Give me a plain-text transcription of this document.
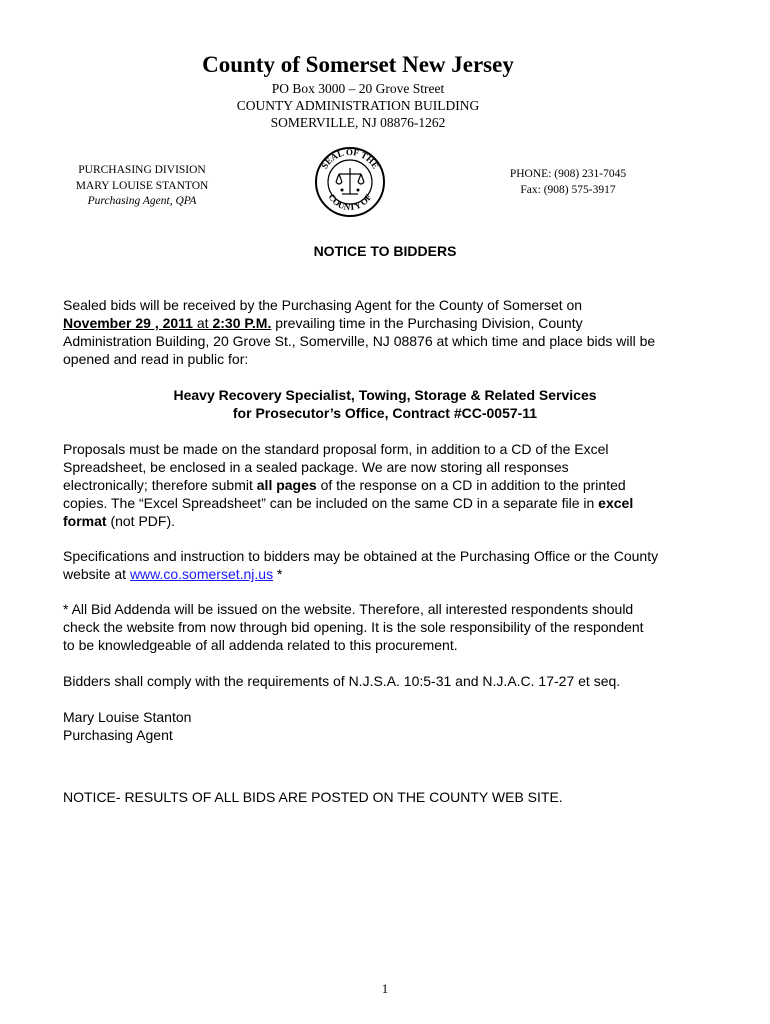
County of Somerset New Jersey
PO Box 3000 – 20 Grove Street
COUNTY ADMINISTRATION BUILDING
SOMERVILLE, NJ 08876-1262
PURCHASING DIVISION
MARY LOUISE STANTON
Purchasing Agent, QPA
SEAL OF THE
COUNTY OF
PHONE: (908) 231-7045
Fax: (908) 575-3917
NOTICE TO BIDDERS

Sealed bids will be received by the Purchasing Agent for the County of Somerset on

November 29 , 2011 at 2:30 P.M. prevailing time in the Purchasing Division, County

Administration Building, 20 Grove St., Somerville, NJ 08876 at which time and place bids will be

opened and read in public for:

Heavy Recovery Specialist, Towing, Storage & Related Services
for Prosecutor’s Office, Contract #CC-0057-11

Proposals must be made on the standard proposal form, in addition to a CD of the Excel

Spreadsheet, be enclosed in a sealed package. We are now storing all responses

electronically; therefore submit all pages of the response on a CD in addition to the printed

copies. The “Excel Spreadsheet” can be included on the same CD in a separate file in excel

format (not PDF).

Specifications and instruction to bidders may be obtained at the Purchasing Office or the County

website at www.co.somerset.nj.us *

* All Bid Addenda will be issued on the website. Therefore, all interested respondents should

check the website from now through bid opening. It is the sole responsibility of the respondent

to be knowledgeable of all addenda related to this procurement.

Bidders shall comply with the requirements of N.J.S.A. 10:5-31 and N.J.A.C. 17-27 et seq.

Mary Louise Stanton

Purchasing Agent

NOTICE- RESULTS OF ALL BIDS ARE POSTED ON THE COUNTY WEB SITE.
1
